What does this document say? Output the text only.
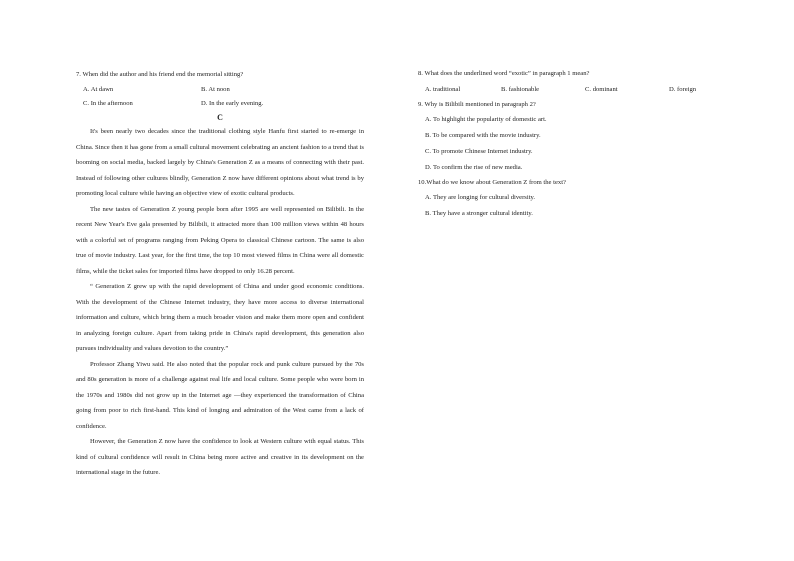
7. When did the author and his friend end the memorial sitting?
A. At dawn	B. At noon
C. In the afternoon	D. In the early evening.
C

It's been nearly two decades since the traditional clothing style Hanfu first started to re-emerge in China. Since then it has gone from a small cultural movement celebrating an ancient fashion to a trend that is booming on social media, backed largely by China's Generation Z as a means of connecting with their past. Instead of following other cultures blindly, Generation Z now have different opinions about what trend is by promoting local culture while having an objective view of exotic cultural products.

The new tastes of Generation Z young people born after 1995 are well represented on Bilibili. In the recent New Year's Eve gala presented by Bilibili, it attracted more than 100 million views within 48 hours with a colorful set of programs ranging from Peking Opera to classical Chinese cartoon. The same is also true of movie industry. Last year, for the first time, the top 10 most viewed films in China were all domestic films, while the ticket sales for imported films have dropped to only 16.28 percent.

“ Generation Z grew up with the rapid development of China and under good economic conditions. With the development of the Chinese Internet industry, they have more access to diverse international information and culture, which bring them a much broader vision and make them more open and confident in analyzing foreign culture. Apart from taking pride in China's rapid development, this generation also pursues individuality and values devotion to the country.”

Professor Zhang Yiwu said. He also noted that the popular rock and punk culture pursued by the 70s and 80s generation is more of a challenge against real life and local culture. Some people who were born in the 1970s and 1980s did not grow up in the Internet age —they experienced the transformation of China going from poor to rich first-hand. This kind of longing and admiration of the West came from a lack of confidence.

However, the Generation Z now have the confidence to look at Western culture with equal status. This kind of cultural confidence will result in China being more active and creative in its development on the international stage in the future.

8. What does the underlined word “exotic” in paragraph 1 mean?
A. traditional	B. fashionable	C. dominant	D. foreign
9. Why is Bilibili mentioned in paragraph 2?
A. To highlight the popularity of domestic art.
B. To be compared with the movie industry.
C. To promote Chinese Internet industry.
D. To confirm the rise of new media.
10.What do we know about Generation Z from the text?
A. They are longing for cultural diversity.
B. They have a stronger cultural identity.
